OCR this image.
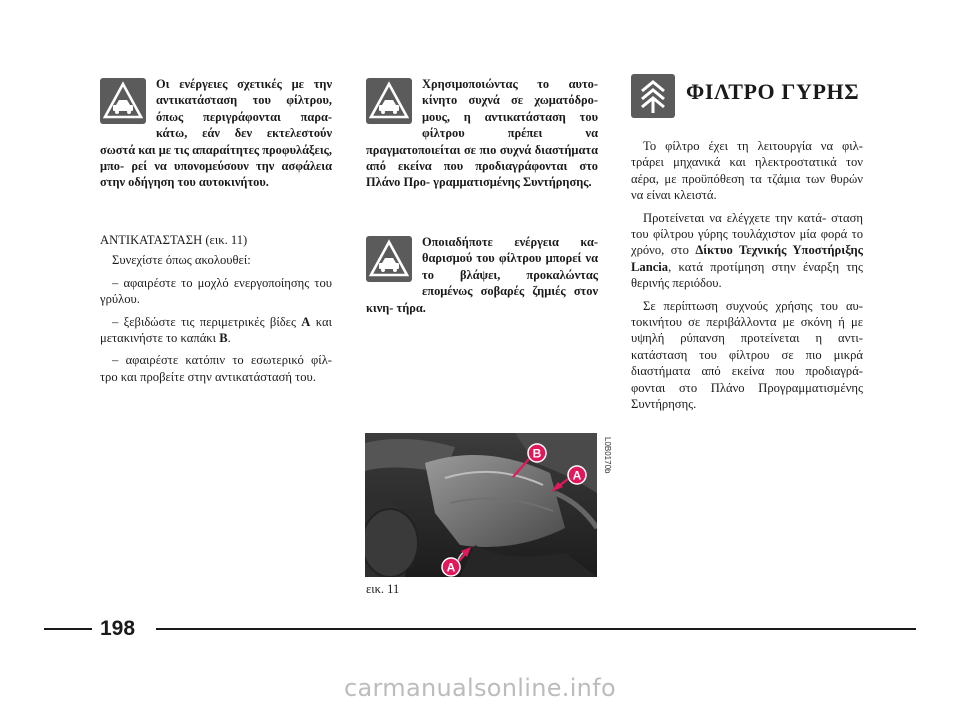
Οι ενέργειες σχετικές με την αντικατάσταση του φίλτρου, όπως περιγράφονται παρα- κάτω, εάν δεν εκτελεστούν σωστά και με τις απαραίτητες προφυλάξεις, μπο- ρεί να υπονομεύσουν την ασφάλεια στην οδήγηση του αυτοκινήτου.

ΑΝΤΙΚΑΤΑΣΤΑΣΗ (εικ. 11)

Συνεχίστε όπως ακολουθεί:

– αφαιρέστε το μοχλό ενεργοποίησης του γρύλου.

– ξεβιδώστε τις περιμετρικές βίδες A και μετακινήστε το καπάκι B.

– αφαιρέστε κατόπιν το εσωτερικό φίλ- τρο και προβείτε στην αντικατάστασή του.

Χρησιμοποιώντας το αυτο- κίνητο συχνά σε χωματόδρο- μους, η αντικατάσταση του φίλτρου πρέπει να πραγματοποιείται σε πιο συχνά διαστήματα από εκείνα που προδιαγράφονται στο Πλάνο Προ- γραμματισμένης Συντήρησης.

Οποιαδήποτε ενέργεια κα- θαρισμού του φίλτρου μπορεί να το βλάψει, προκαλώντας επομένως σοβαρές ζημιές στον κινη- τήρα.

B
A
A
L0B0170b
εικ. 11
ΦΙΛΤΡΟ ΓΥΡΗΣ

Το φίλτρο έχει τη λειτουργία να φιλ- τράρει μηχανικά και ηλεκτροστατικά τον αέρα, με προϋπόθεση τα τζάμια των θυρών να είναι κλειστά.

Προτείνεται να ελέγχετε την κατά- σταση του φίλτρου γύρης τουλάχιστον μία φορά το χρόνο, στο Δίκτυο Τεχνικής Υποστήριξης Lancia, κατά προτίμηση στην έναρξη της θερινής περιόδου.

Σε περίπτωση συχνούς χρήσης του αυ- τοκινήτου σε περιβάλλοντα με σκόνη ή με υψηλή ρύπανση προτείνεται η αντι- κατάσταση του φίλτρου σε πιο μικρά διαστήματα από εκείνα που προδιαγρά- φονται στο Πλάνο Προγραμματισμένης Συντήρησης.

198
carmanualsonline.info
